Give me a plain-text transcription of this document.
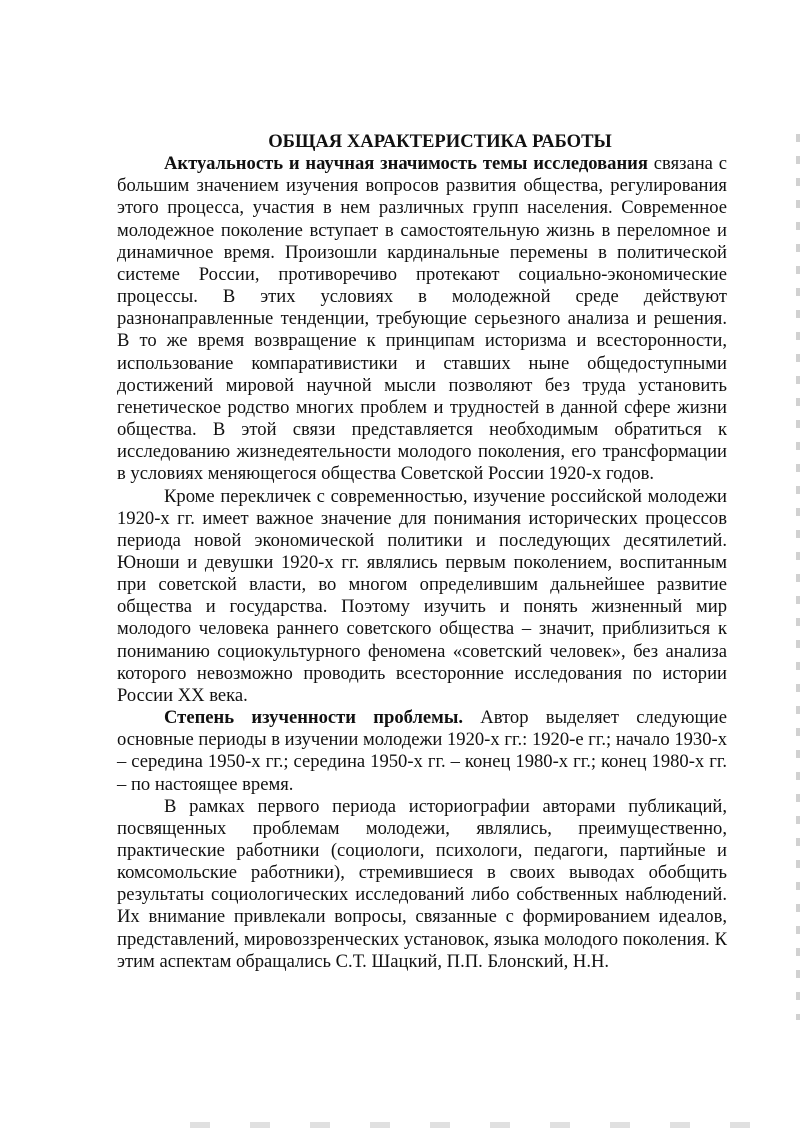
ОБЩАЯ ХАРАКТЕРИСТИКА РАБОТЫ

Актуальность и научная значимость темы исследования связана с большим значением изучения вопросов развития общества, регулирования этого процесса, участия в нем различных групп населения. Современное молодежное поколение вступает в самостоятельную жизнь в переломное и динамичное время. Произошли кардинальные перемены в политической системе России, противоречиво протекают социально-экономические процессы. В этих условиях в молодежной среде действуют разнонаправленные тенденции, требующие серьезного анализа и решения. В то же время возвращение к принципам историзма и всесторонности, использование компаративистики и ставших ныне общедоступными достижений мировой научной мысли позволяют без труда установить генетическое родство многих проблем и трудностей в данной сфере жизни общества. В этой связи представляется необходимым обратиться к исследованию жизнедеятельности молодого поколения, его трансформации в условиях меняющегося общества Советской России 1920-х годов.

Кроме перекличек с современностью, изучение российской молодежи 1920-х гг. имеет важное значение для понимания исторических процессов периода новой экономической политики и последующих десятилетий. Юноши и девушки 1920-х гг. являлись первым поколением, воспитанным при советской власти, во многом определившим дальнейшее развитие общества и государства. Поэтому изучить и понять жизненный мир молодого человека раннего советского общества – значит, приблизиться к пониманию социокультурного феномена «советский человек», без анализа которого невозможно проводить всесторонние исследования по истории России XX века.

Степень изученности проблемы. Автор выделяет следующие основные периоды в изучении молодежи 1920-х гг.: 1920-е гг.; начало 1930-х – середина 1950-х гг.; середина 1950-х гг. – конец 1980-х гг.; конец 1980-х гг. – по настоящее время.

В рамках первого периода историографии авторами публикаций, посвященных проблемам молодежи, являлись, преимущественно, практические работники (социологи, психологи, педагоги, партийные и комсомольские работники), стремившиеся в своих выводах обобщить результаты социологических исследований либо собственных наблюдений. Их внимание привлекали вопросы, связанные с формированием идеалов, представлений, мировоззренческих установок, языка молодого поколения. К этим аспектам обращались С.Т. Шацкий, П.П. Блонский, Н.Н.
